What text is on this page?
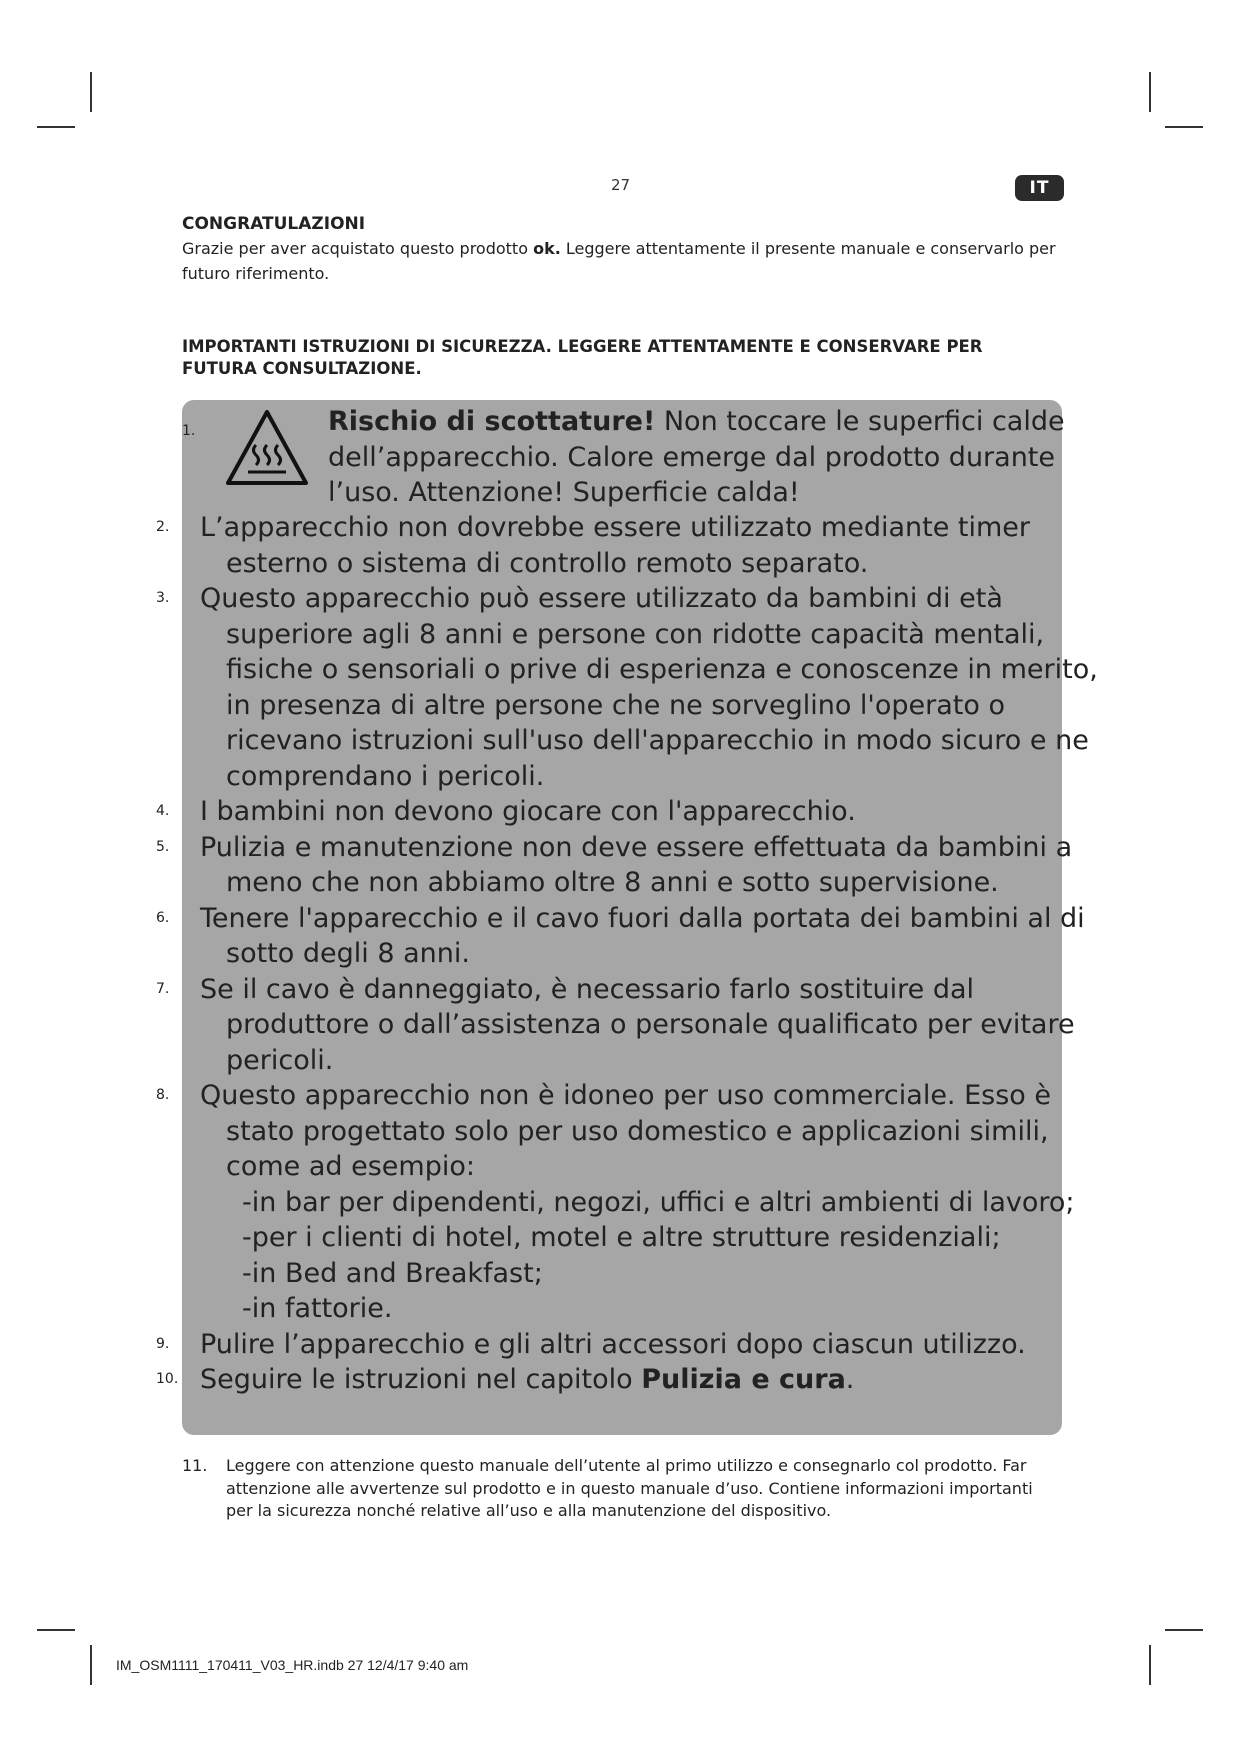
27	IT
CONGRATULAZIONI
Grazie per aver acquistato questo prodotto ok. Leggere attentamente il presente manuale e conservarlo per futuro riferimento.
IMPORTANTI ISTRUZIONI DI SICUREZZA. LEGGERE ATTENTAMENTE E CONSERVARE PER FUTURA CONSULTAZIONE.
1.	Rischio di scottature! Non toccare le superfici calde dell’apparecchio. Calore emerge dal prodotto durante l’uso. Attenzione! Superficie calda!
2.	L’apparecchio non dovrebbe essere utilizzato mediante timer esterno o sistema di controllo remoto separato.
3.	Questo apparecchio può essere utilizzato da bambini di età superiore agli 8 anni e persone con ridotte capacità mentali, fisiche o sensoriali o prive di esperienza e conoscenze in merito, in presenza di altre persone che ne sorveglino l'operato o ricevano istruzioni sull'uso dell'apparecchio in modo sicuro e ne comprendano i pericoli.
4.	I bambini non devono giocare con l'apparecchio.
5.	Pulizia e manutenzione non deve essere effettuata da bambini a meno che non abbiamo oltre 8 anni e sotto supervisione.
6.	Tenere l'apparecchio e il cavo fuori dalla portata dei bambini al di sotto degli 8 anni.
7.	Se il cavo è danneggiato, è necessario farlo sostituire dal produttore o dall’assistenza o personale qualificato per evitare pericoli.
8.	Questo apparecchio non è idoneo per uso commerciale. Esso è stato progettato solo per uso domestico e applicazioni simili, come ad esempio:
-in bar per dipendenti, negozi, uffici e altri ambienti di lavoro;
-per i clienti di hotel, motel e altre strutture residenziali;
-in Bed and Breakfast;
-in fattorie.
9.	Pulire l’apparecchio e gli altri accessori dopo ciascun utilizzo.
10. Seguire le istruzioni nel capitolo Pulizia e cura.
11.	Leggere con attenzione questo manuale dell’utente al primo utilizzo e consegnarlo col prodotto. Far attenzione alle avvertenze sul prodotto e in questo manuale d’uso. Contiene informazioni importanti per la sicurezza nonché relative all’uso e alla manutenzione del dispositivo.
IM_OSM1111_170411_V03_HR.indb 27 12/4/17 9:40 am
